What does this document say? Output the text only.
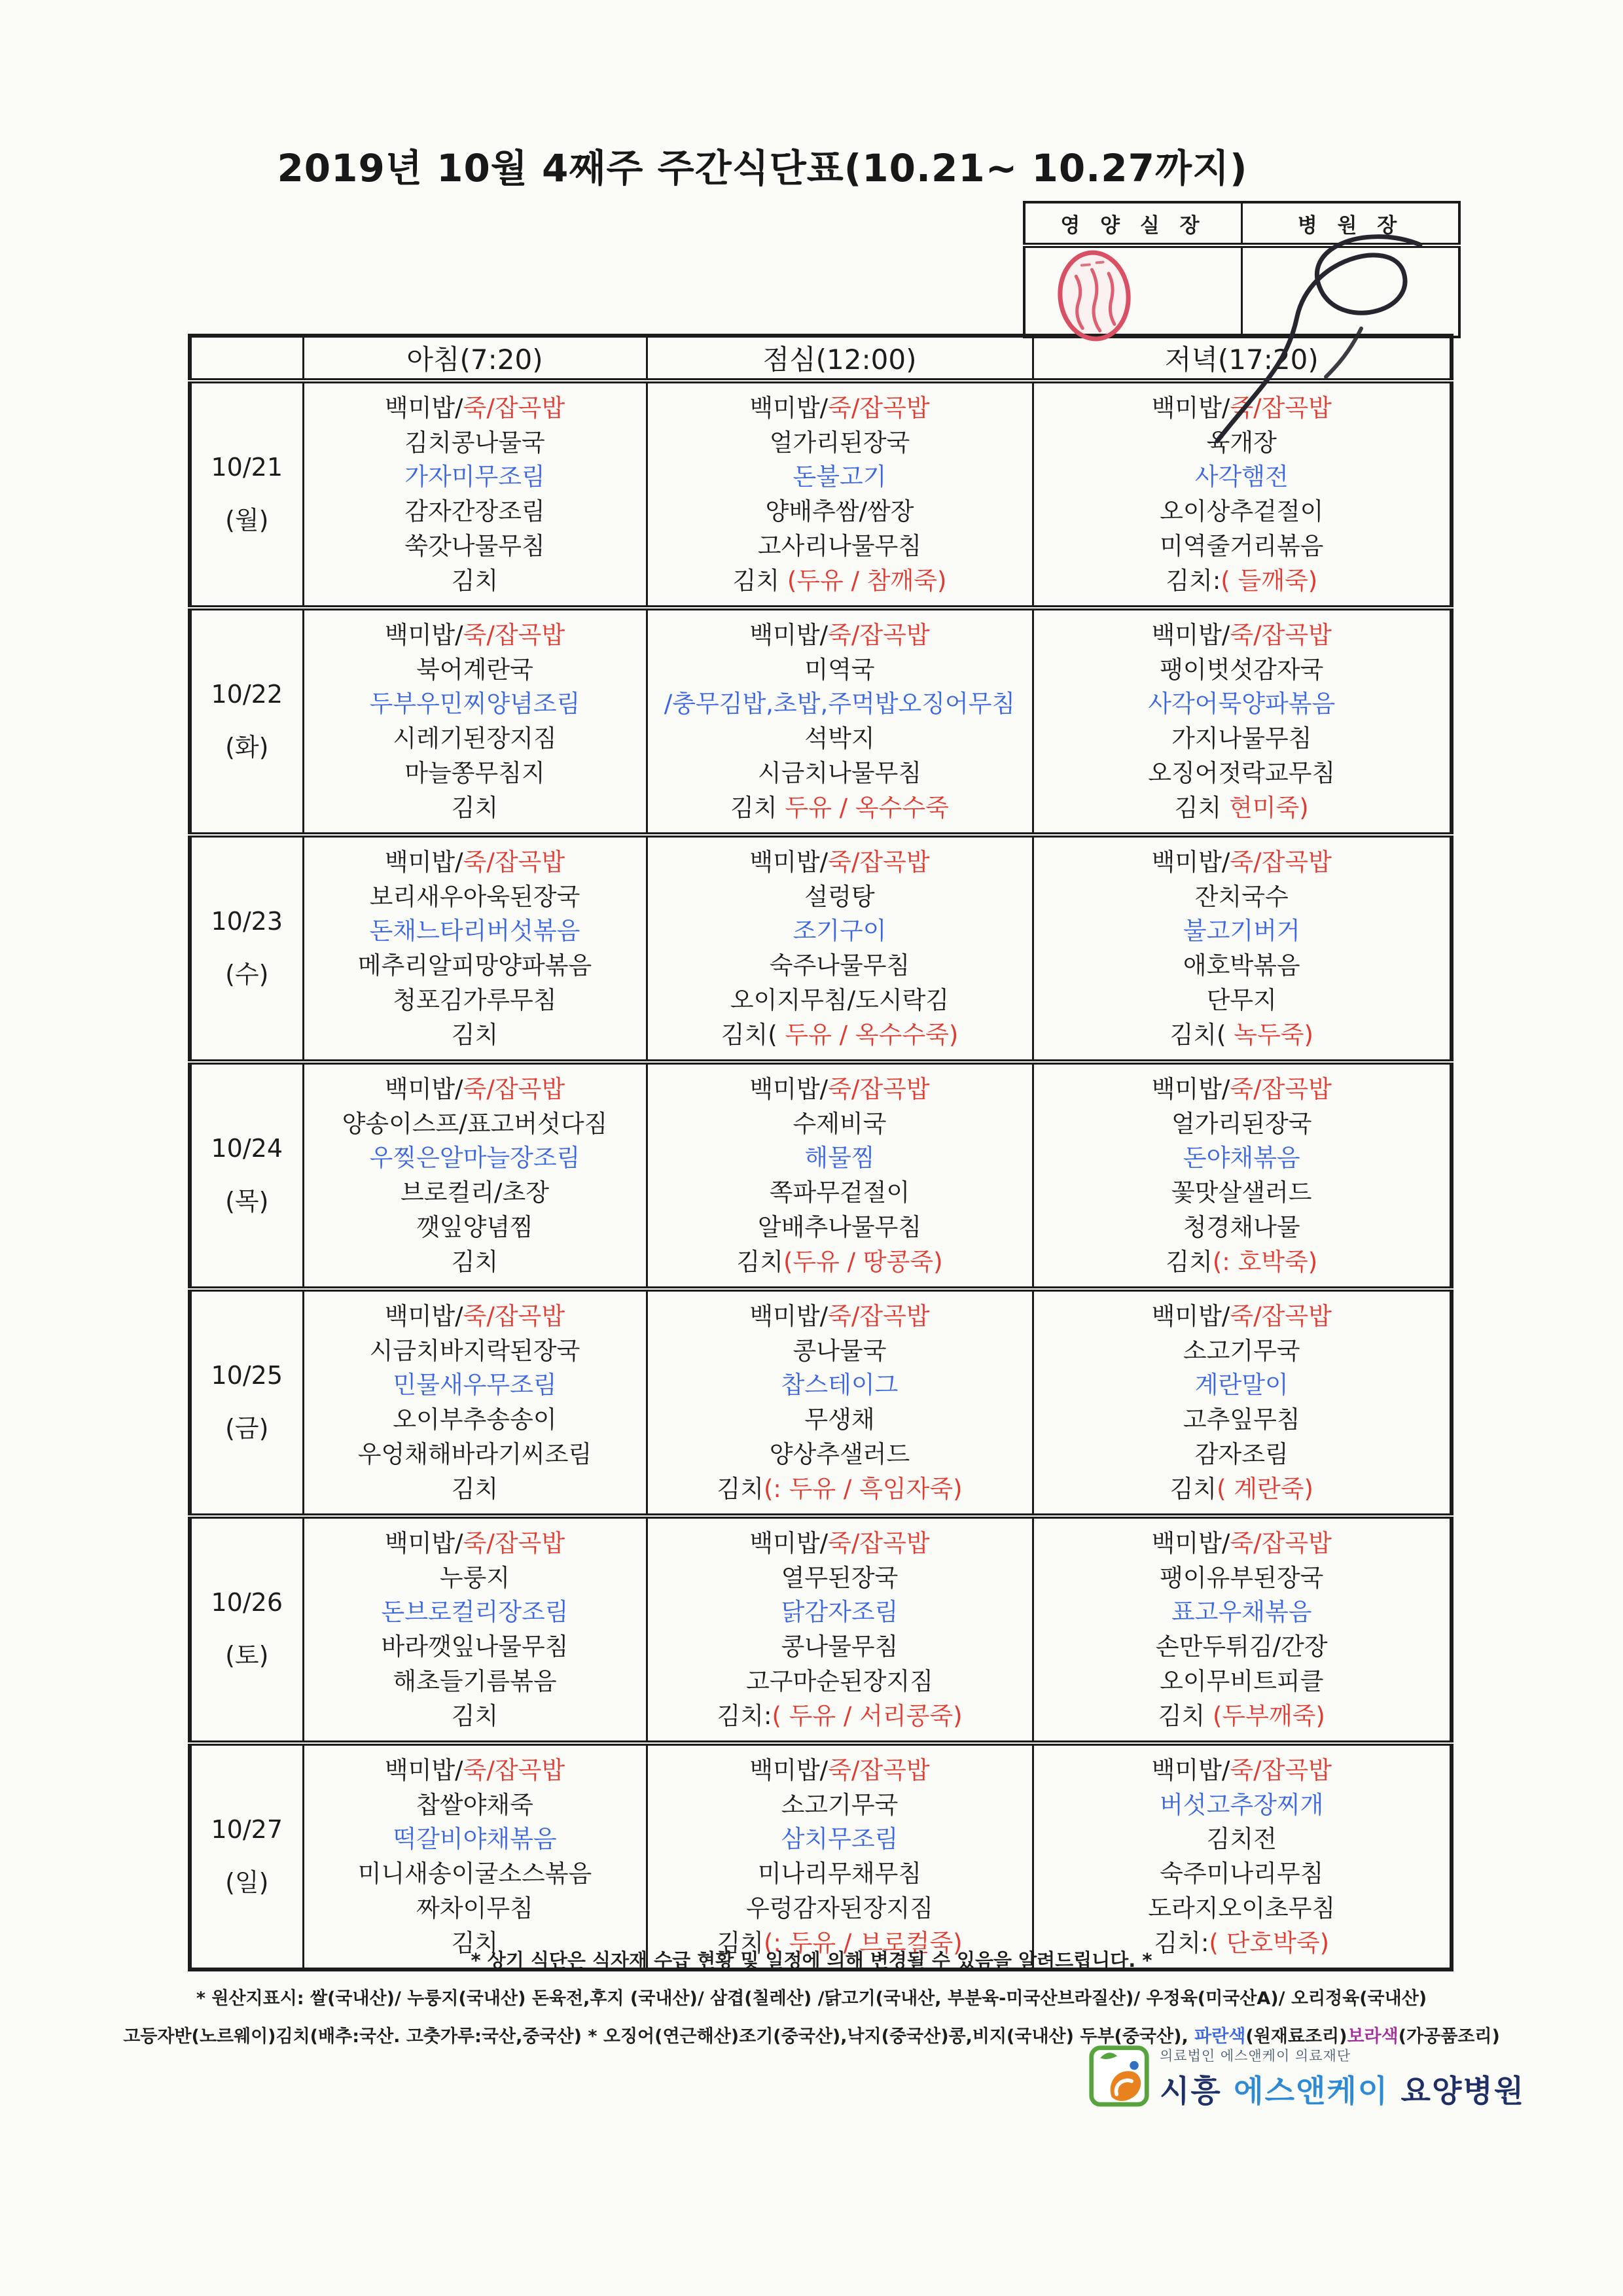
2019년 10월 4째주 주간식단표(10.21~ 10.27까지)
영 양 실 장	병 원 장

	아침(7:20)	점심(12:00)	저녁(17:20)

10/21
(월)

백미밥/죽/잡곡밥
김치콩나물국
가자미무조림
감자간장조림
쑥갓나물무침
김치

백미밥/죽/잡곡밥
얼가리된장국
돈불고기
양배추쌈/쌈장
고사리나물무침
김치 (두유 / 참깨죽)

백미밥/죽/잡곡밥
육개장
사각햄전
오이상추겉절이
미역줄거리볶음
김치:( 들깨죽)

10/22
(화)

백미밥/죽/잡곡밥
북어계란국
두부우민찌양념조림
시레기된장지짐
마늘쫑무침지
김치

백미밥/죽/잡곡밥
미역국
/충무김밥,초밥,주먹밥오징어무침
석박지
시금치나물무침
김치 두유 / 옥수수죽

백미밥/죽/잡곡밥
팽이벗섯감자국
사각어묵양파볶음
가지나물무침
오징어젓락교무침
김치 현미죽)

10/23
(수)

백미밥/죽/잡곡밥
보리새우아욱된장국
돈채느타리버섯볶음
메추리알피망양파볶음
청포김가루무침
김치

백미밥/죽/잡곡밥
설렁탕
조기구이
숙주나물무침
오이지무침/도시락김
김치( 두유 / 옥수수죽)

백미밥/죽/잡곡밥
잔치국수
불고기버거
애호박볶음
단무지
김치( 녹두죽)

10/24
(목)

백미밥/죽/잡곡밥
양송이스프/표고버섯다짐
우찢은알마늘장조림
브로컬리/초장
깻잎양념찜
김치

백미밥/죽/잡곡밥
수제비국
해물찜
쪽파무겉절이
알배추나물무침
김치(두유 / 땅콩죽)

백미밥/죽/잡곡밥
얼가리된장국
돈야채볶음
꽃맛살샐러드
청경채나물
김치(: 호박죽)

10/25
(금)

백미밥/죽/잡곡밥
시금치바지락된장국
민물새우무조림
오이부추송송이
우엉채해바라기씨조림
김치

백미밥/죽/잡곡밥
콩나물국
찹스테이그
무생채
양상추샐러드
김치(: 두유 / 흑임자죽)

백미밥/죽/잡곡밥
소고기무국
계란말이
고추잎무침
감자조림
김치( 계란죽)

10/26
(토)

백미밥/죽/잡곡밥
누룽지
돈브로컬리장조림
바라깻잎나물무침
해초들기름볶음
김치

백미밥/죽/잡곡밥
열무된장국
닭감자조림
콩나물무침
고구마순된장지짐
김치:( 두유 / 서리콩죽)

백미밥/죽/잡곡밥
팽이유부된장국
표고우채볶음
손만두튀김/간장
오이무비트피클
김치 (두부깨죽)

10/27
(일)

백미밥/죽/잡곡밥
찹쌀야채죽
떡갈비야채볶음
미니새송이굴소스볶음
짜차이무침
김치

백미밥/죽/잡곡밥
소고기무국
삼치무조림
미나리무채무침
우렁감자된장지짐
김치(: 두유 / 브로컬죽)

백미밥/죽/잡곡밥
버섯고추장찌개
김치전
숙주미나리무침
도라지오이초무침
김치:( 단호박죽)
* 상기 식단은 식자재 수급 현황 및 일정에 의해 변경될 수 있음을 알려드립니다. *
* 원산지표시: 쌀(국내산)/ 누룽지(국내산) 돈육전,후지 (국내산)/ 삼겹(칠레산) /닭고기(국내산, 부분육-미국산브라질산)/ 우정육(미국산A)/ 오리정육(국내산)
고등자반(노르웨이)김치(배추:국산. 고춧가루:국산,중국산) * 오징어(연근해산)조기(중국산),낙지(중국산)콩,비지(국내산) 두부(중국산), 파란색(원재료조리)보라색(가공품조리)
의료법인 에스앤케이 의료재단
시흥 에스앤케이 요양병원
